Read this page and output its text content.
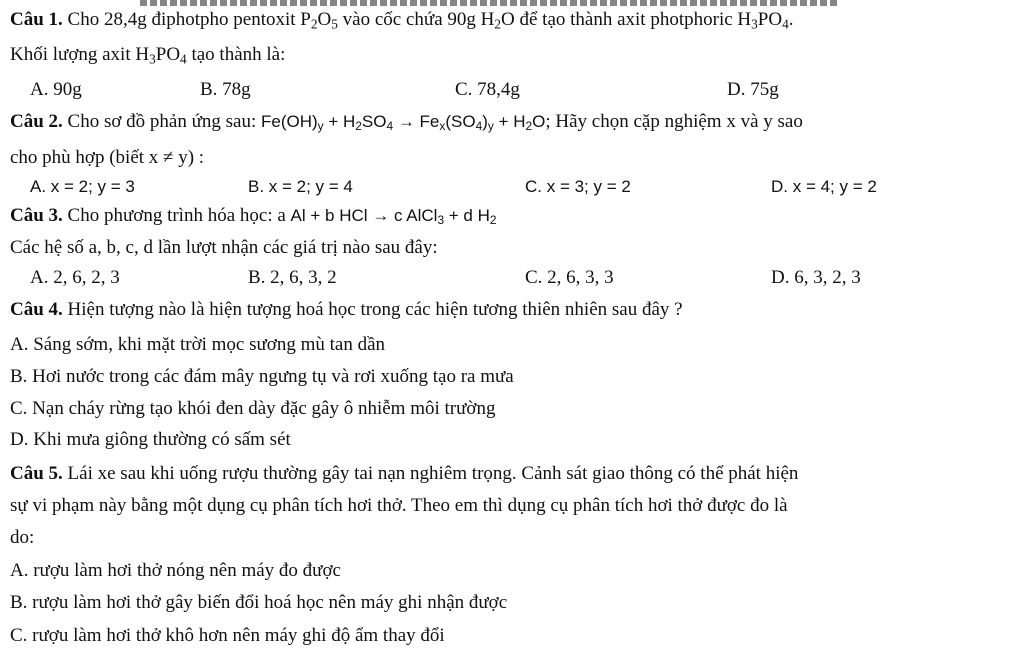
Câu 1. Cho 28,4g điphotpho pentoxit $P_2O_5$ vào cốc chứa 90g $H_2O$ để tạo thành axit photphoric $H_3PO_4$.
Khối lượng axit $H_3PO_4$ tạo thành là:
A. 90g	B. 78g	C. 78,4g	D. 75g
Câu 2. Cho sơ đồ phản ứng sau: $Fe(OH)_y + H_2SO_4 \to Fe_x(SO_4)_y + H_2O$; Hãy chọn cặp nghiệm x và y sao
cho phù hợp (biết x ≠ y) :
A. x = 2; y = 3	B. x = 2; y = 4	C. x = 3; y = 2	D. x = 4; y = 2
Câu 3. Cho phương trình hóa học: a Al + b HCl → c AlCl$_3$ + d $H_2$
Các hệ số a, b, c, d lần lượt nhận các giá trị nào sau đây:
A. 2, 6, 2, 3	B. 2, 6, 3, 2	C. 2, 6, 3, 3	D. 6, 3, 2, 3
Câu 4. Hiện tượng nào là hiện tượng hoá học trong các hiện tương thiên nhiên sau đây ?
A. Sáng sớm, khi mặt trời mọc sương mù tan dần
B. Hơi nước trong các đám mây ngưng tụ và rơi xuống tạo ra mưa
C. Nạn cháy rừng tạo khói đen dày đặc gây ô nhiễm môi trường
D. Khi mưa giông thường có sấm sét
Câu 5. Lái xe sau khi uống rượu thường gây tai nạn nghiêm trọng. Cảnh sát giao thông có thể phát hiện
sự vi phạm này bằng một dụng cụ phân tích hơi thở. Theo em thì dụng cụ phân tích hơi thở được đo là
do:
A. rượu làm hơi thở nóng nên máy đo được
B. rượu làm hơi thở gây biến đổi hoá học nên máy ghi nhận được
C. rượu làm hơi thở khô hơn nên máy ghi độ ẩm thay đổi
